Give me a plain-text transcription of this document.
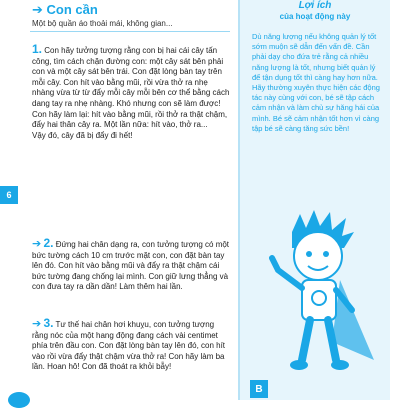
➔ Con cần
Một bộ quần áo thoải mái, không gian...
1. Con hãy tưởng tượng rằng con bị hai cái cây tấn công, tìm cách chặn đường con: một cây sát bên phải con và một cây sát bên trái. Con đặt lòng bàn tay trên mỗi cây. Con hít vào bằng mũi, rồi vừa thở ra nhẹ nhàng vừa từ từ đẩy mỗi cây mỗi bên cơ thể bằng cách dang tay ra nhẹ nhàng. Khó nhưng con sẽ làm được! Con hãy làm lại: hít vào bằng mũi, rồi thở ra thật chậm, đẩy hai thân cây ra. Một lần nữa: hít vào, thở ra...
Vậy đó, cây đã bị đẩy đi hết!
➔ 2. Đứng hai chân dạng ra, con tưởng tượng có một bức tường cách 10 cm trước mặt con, con đặt bàn tay lên đó. Con hít vào bằng mũi và đẩy ra thật chậm cái bức tường đang chống lại mình. Con giữ lưng thẳng và con đưa tay ra dần dần! Làm thêm hai lần.
➔ 3. Tư thế hai chân hơi khuỵu, con tưởng tượng rằng nóc của một hang động đang cách vài centimet phía trên đầu con. Con đặt lòng bàn tay lên đó, con hít vào rồi vừa đẩy thật chậm vừa thở ra! Con hãy làm ba lần. Hoan hô! Con đã thoát ra khỏi bẫy!
6
Lợi ích
của hoạt động này
Dù năng lượng nếu không quản lý tốt sớm muộn sẽ dẫn đến vấn đề. Cần phải dạy cho đứa trẻ rằng cả nhiều năng lượng là tốt, nhưng biết quản lý để tận dụng tốt thì càng hay hơn nữa. Hãy thường xuyên thực hiện các động tác này cùng với con, bé sẽ tập cách cảm nhận và làm chủ sự hăng hái của mình. Bé sẽ cảm nhận tốt hơn vì càng tập bé sẽ càng tăng sức bền!
B
